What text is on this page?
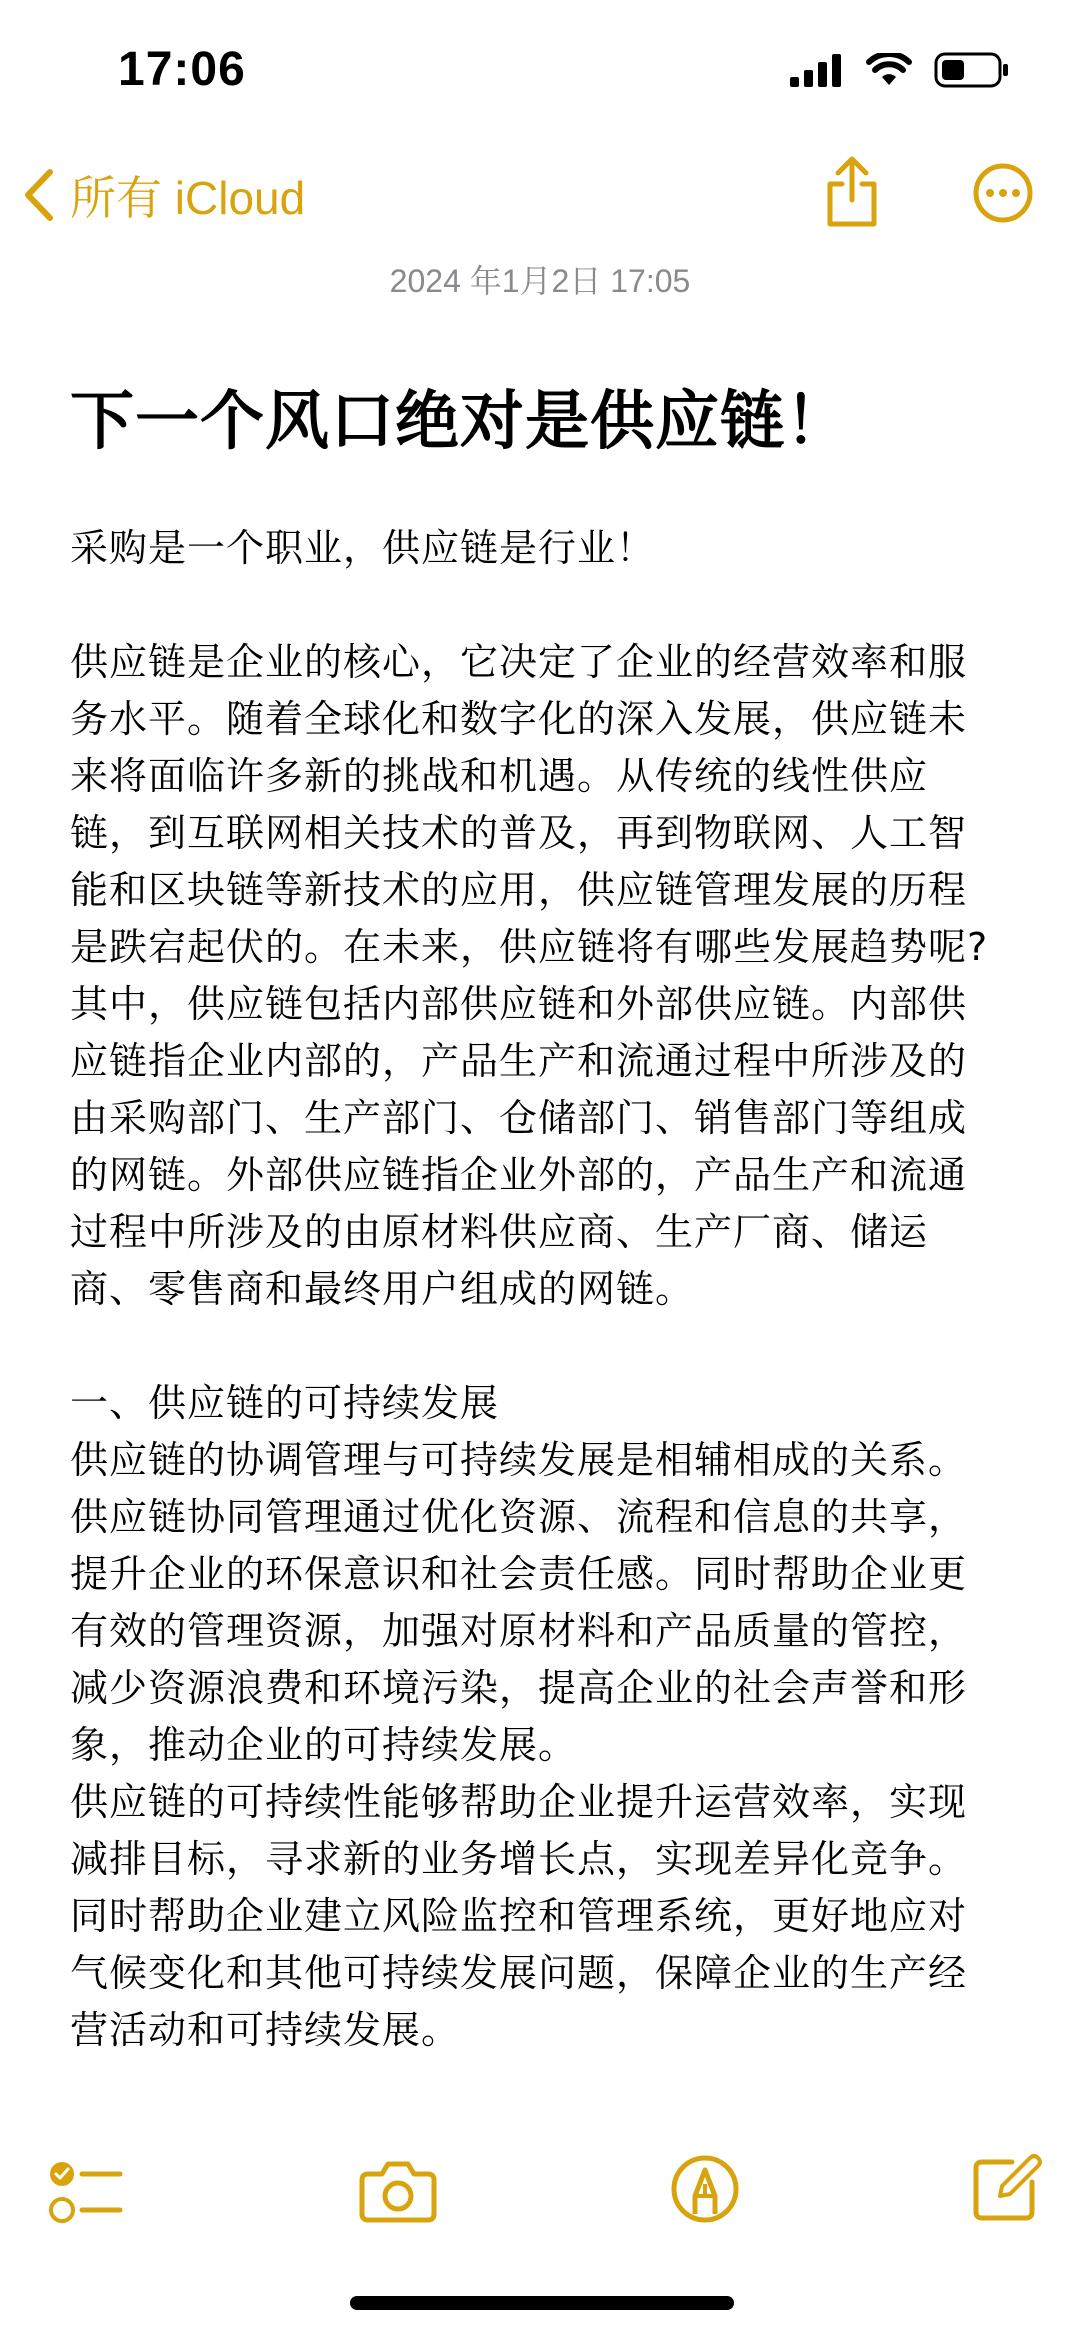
17:06
所有 iCloud
2024 年1月2日 17:05
下一个风口绝对是供应链！
采购是一个职业，供应链是行业！
供应链是企业的核心，它决定了企业的经营效率和服
务水平。随着全球化和数字化的深入发展，供应链未
来将面临许多新的挑战和机遇。从传统的线性供应
链，到互联网相关技术的普及，再到物联网、人工智
能和区块链等新技术的应用，供应链管理发展的历程
是跌宕起伏的。在未来，供应链将有哪些发展趋势呢?
其中，供应链包括内部供应链和外部供应链。内部供
应链指企业内部的，产品生产和流通过程中所涉及的
由采购部门、生产部门、仓储部门、销售部门等组成
的网链。外部供应链指企业外部的，产品生产和流通
过程中所涉及的由原材料供应商、生产厂商、储运
商、零售商和最终用户组成的网链。
一、供应链的可持续发展
供应链的协调管理与可持续发展是相辅相成的关系。
供应链协同管理通过优化资源、流程和信息的共享，
提升企业的环保意识和社会责任感。同时帮助企业更
有效的管理资源，加强对原材料和产品质量的管控，
减少资源浪费和环境污染，提高企业的社会声誉和形
象，推动企业的可持续发展。
供应链的可持续性能够帮助企业提升运营效率，实现
减排目标，寻求新的业务增长点，实现差异化竞争。
同时帮助企业建立风险监控和管理系统，更好地应对
气候变化和其他可持续发展问题，保障企业的生产经
营活动和可持续发展。
